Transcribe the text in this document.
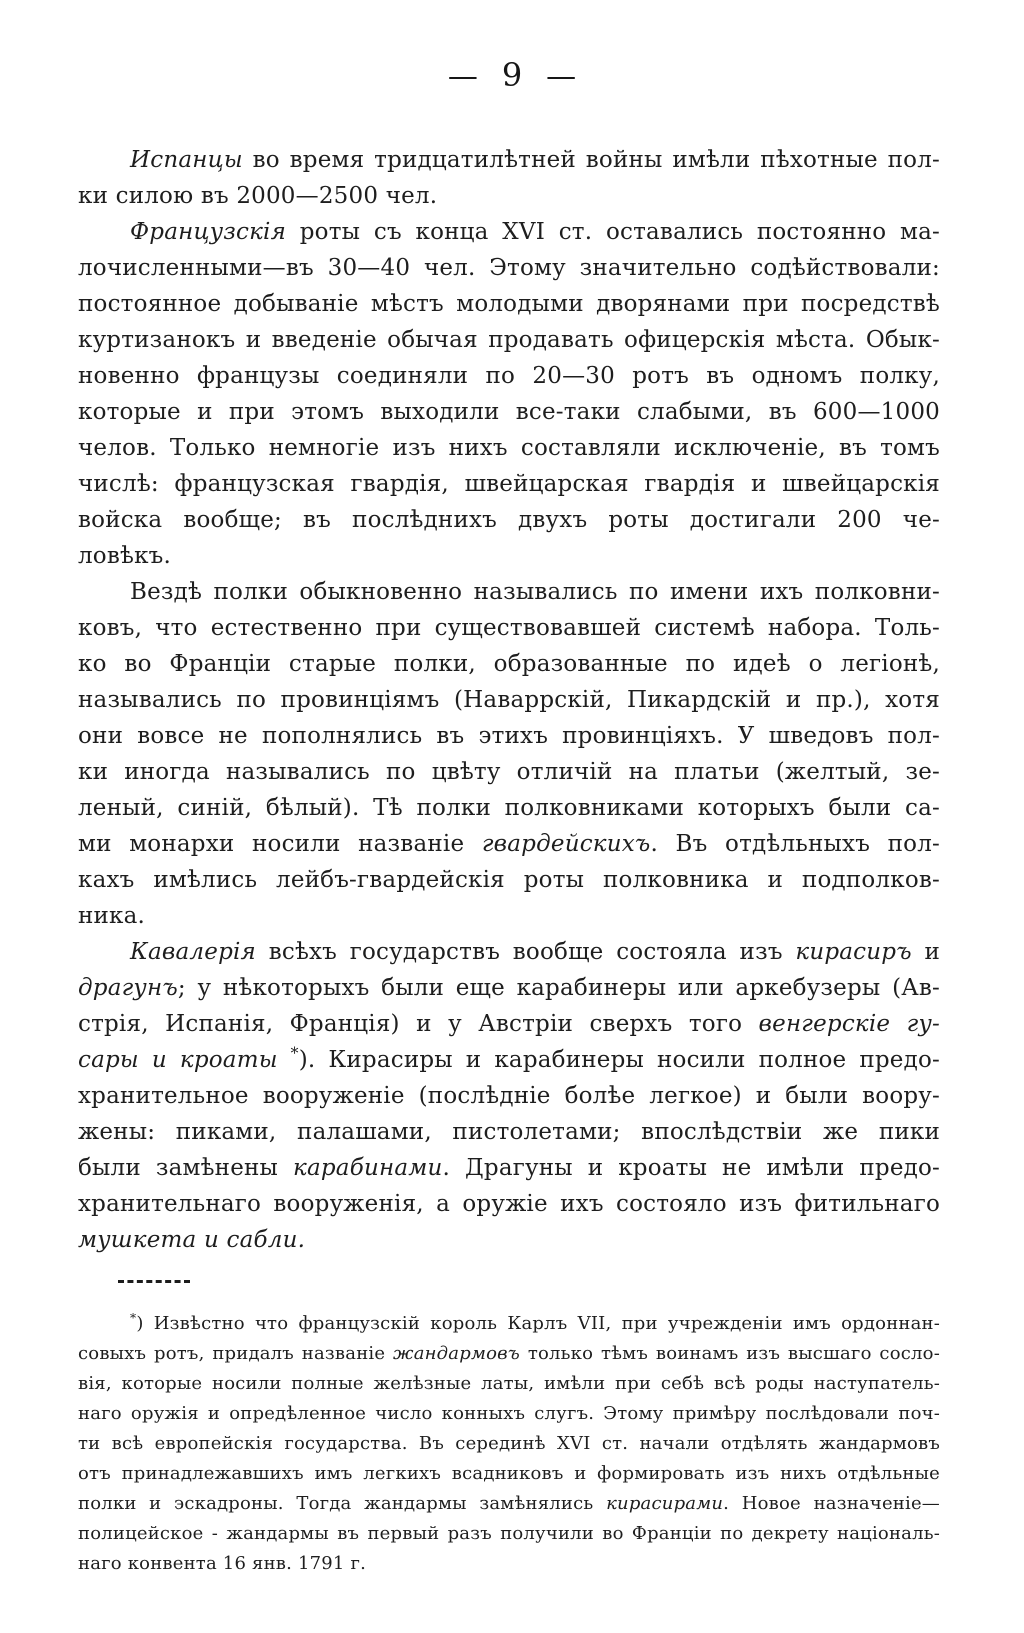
— 9 —
Испанцы во время тридцатилѣтней войны имѣли пѣхотные пол-
ки силою въ 2000—2500 чел.
Французскія роты съ конца XVI ст. оставались постоянно ма-
лочисленными—въ 30—40 чел. Этому значительно содѣйствовали:
постоянное добываніе мѣстъ молодыми дворянами при посредствѣ
куртизанокъ и введеніе обычая продавать офицерскія мѣста. Обык-
новенно французы соединяли по 20—30 ротъ въ одномъ полку,
которые и при этомъ выходили все-таки слабыми, въ 600—1000
челов. Только немногіе изъ нихъ составляли исключеніе, въ томъ
числѣ: французская гвардія, швейцарская гвардія и швейцарскія
войска вообще; въ послѣднихъ двухъ роты достигали 200 че-
ловѣкъ.
Вездѣ полки обыкновенно назывались по имени ихъ полковни-
ковъ, что естественно при существовавшей системѣ набора. Толь-
ко во Франціи старые полки, образованные по идеѣ о легіонѣ,
назывались по провинціямъ (Наваррскій, Пикардскій и пр.), хотя
они вовсе не пополнялись въ этихъ провинціяхъ. У шведовъ пол-
ки иногда назывались по цвѣту отличій на платьи (желтый, зе-
леный, синій, бѣлый). Тѣ полки полковниками которыхъ были са-
ми монархи носили названіе гвардейскихъ. Въ отдѣльныхъ пол-
кахъ имѣлись лейбъ-гвардейскія роты полковника и подполков-
ника.
Кавалерія всѣхъ государствъ вообще состояла изъ кирасиръ и
драгунъ; у нѣкоторыхъ были еще карабинеры или аркебузеры (Ав-
стрія, Испанія, Франція) и у Австріи сверхъ того венгерскіе гу-
сары и кроаты *). Кирасиры и карабинеры носили полное предо-
хранительное вооруженіе (послѣдніе болѣе легкое) и были воору-
жены: пиками, палашами, пистолетами; впослѣдствіи же пики
были замѣнены карабинами. Драгуны и кроаты не имѣли предо-
хранительнаго вооруженія, а оружіе ихъ состояло изъ фитильнаго
мушкета и сабли.
*) Извѣстно что французскій король Карлъ VII, при учрежденіи имъ ордоннан-
совыхъ ротъ, придалъ названіе жандармовъ только тѣмъ воинамъ изъ высшаго сосло-
вія, которые носили полные желѣзные латы, имѣли при себѣ всѣ роды наступатель-
наго оружія и опредѣленное число конныхъ слугъ. Этому примѣру послѣдовали поч-
ти всѣ европейскія государства. Въ серединѣ XVI ст. начали отдѣлять жандармовъ
отъ принадлежавшихъ имъ легкихъ всадниковъ и формировать изъ нихъ отдѣльные
полки и эскадроны. Тогда жандармы замѣнялись кирасирами. Новое назначеніе—
полицейское - жандармы въ первый разъ получили во Франціи по декрету національ-
наго конвента 16 янв. 1791 г.
